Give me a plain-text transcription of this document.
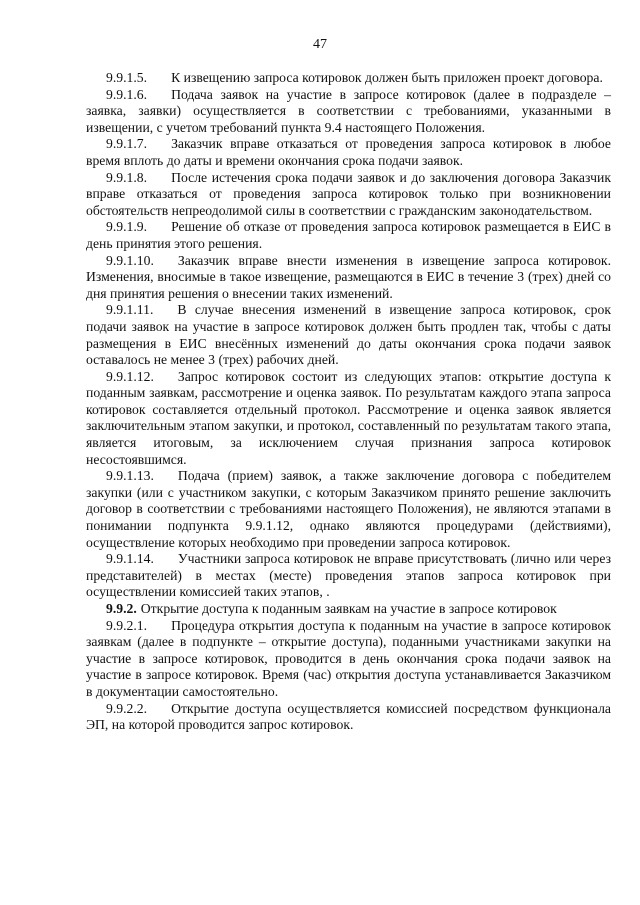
47

9.9.1.5. К извещению запроса котировок должен быть приложен проект договора.

9.9.1.6. Подача заявок на участие в запросе котировок (далее в подразделе – заявка, заявки) осуществляется в соответствии с требованиями, указанными в извещении, с учетом требований пункта 9.4 настоящего Положения.

9.9.1.7. Заказчик вправе отказаться от проведения запроса котировок в любое время вплоть до даты и времени окончания срока подачи заявок.

9.9.1.8. После истечения срока подачи заявок и до заключения договора Заказчик вправе отказаться от проведения запроса котировок только при возникновении обстоятельств непреодолимой силы в соответствии с гражданским законодательством.

9.9.1.9. Решение об отказе от проведения запроса котировок размещается в ЕИС в день принятия этого решения.

9.9.1.10. Заказчик вправе внести изменения в извещение запроса котировок. Изменения, вносимые в такое извещение, размещаются в ЕИС в течение 3 (трех) дней со дня принятия решения о внесении таких изменений.

9.9.1.11. В случае внесения изменений в извещение запроса котировок, срок подачи заявок на участие в запросе котировок должен быть продлен так, чтобы с даты размещения в ЕИС внесённых изменений до даты окончания срока подачи заявок оставалось не менее 3 (трех) рабочих дней.

9.9.1.12. Запрос котировок состоит из следующих этапов: открытие доступа к поданным заявкам, рассмотрение и оценка заявок. По результатам каждого этапа запроса котировок составляется отдельный протокол. Рассмотрение и оценка заявок является заключительным этапом закупки, и протокол, составленный по результатам такого этапа, является итоговым, за исключением случая признания запроса котировок несостоявшимся.

9.9.1.13. Подача (прием) заявок, а также заключение договора с победителем закупки (или с участником закупки, с которым Заказчиком принято решение заключить договор в соответствии с требованиями настоящего Положения), не являются этапами в понимании подпункта 9.9.1.12, однако являются процедурами (действиями), осуществление которых необходимо при проведении запроса котировок.

9.9.1.14. Участники запроса котировок не вправе присутствовать (лично или через представителей) в местах (месте) проведения этапов запроса котировок при осуществлении комиссией таких этапов, .

9.9.2. Открытие доступа к поданным заявкам на участие в запросе котировок

9.9.2.1. Процедура открытия доступа к поданным на участие в запросе котировок заявкам (далее в подпункте – открытие доступа), поданными участниками закупки на участие в запросе котировок, проводится в день окончания срока подачи заявок на участие в запросе котировок. Время (час) открытия доступа устанавливается Заказчиком в документации самостоятельно.

9.9.2.2. Открытие доступа осуществляется комиссией посредством функционала ЭП, на которой проводится запрос котировок.
